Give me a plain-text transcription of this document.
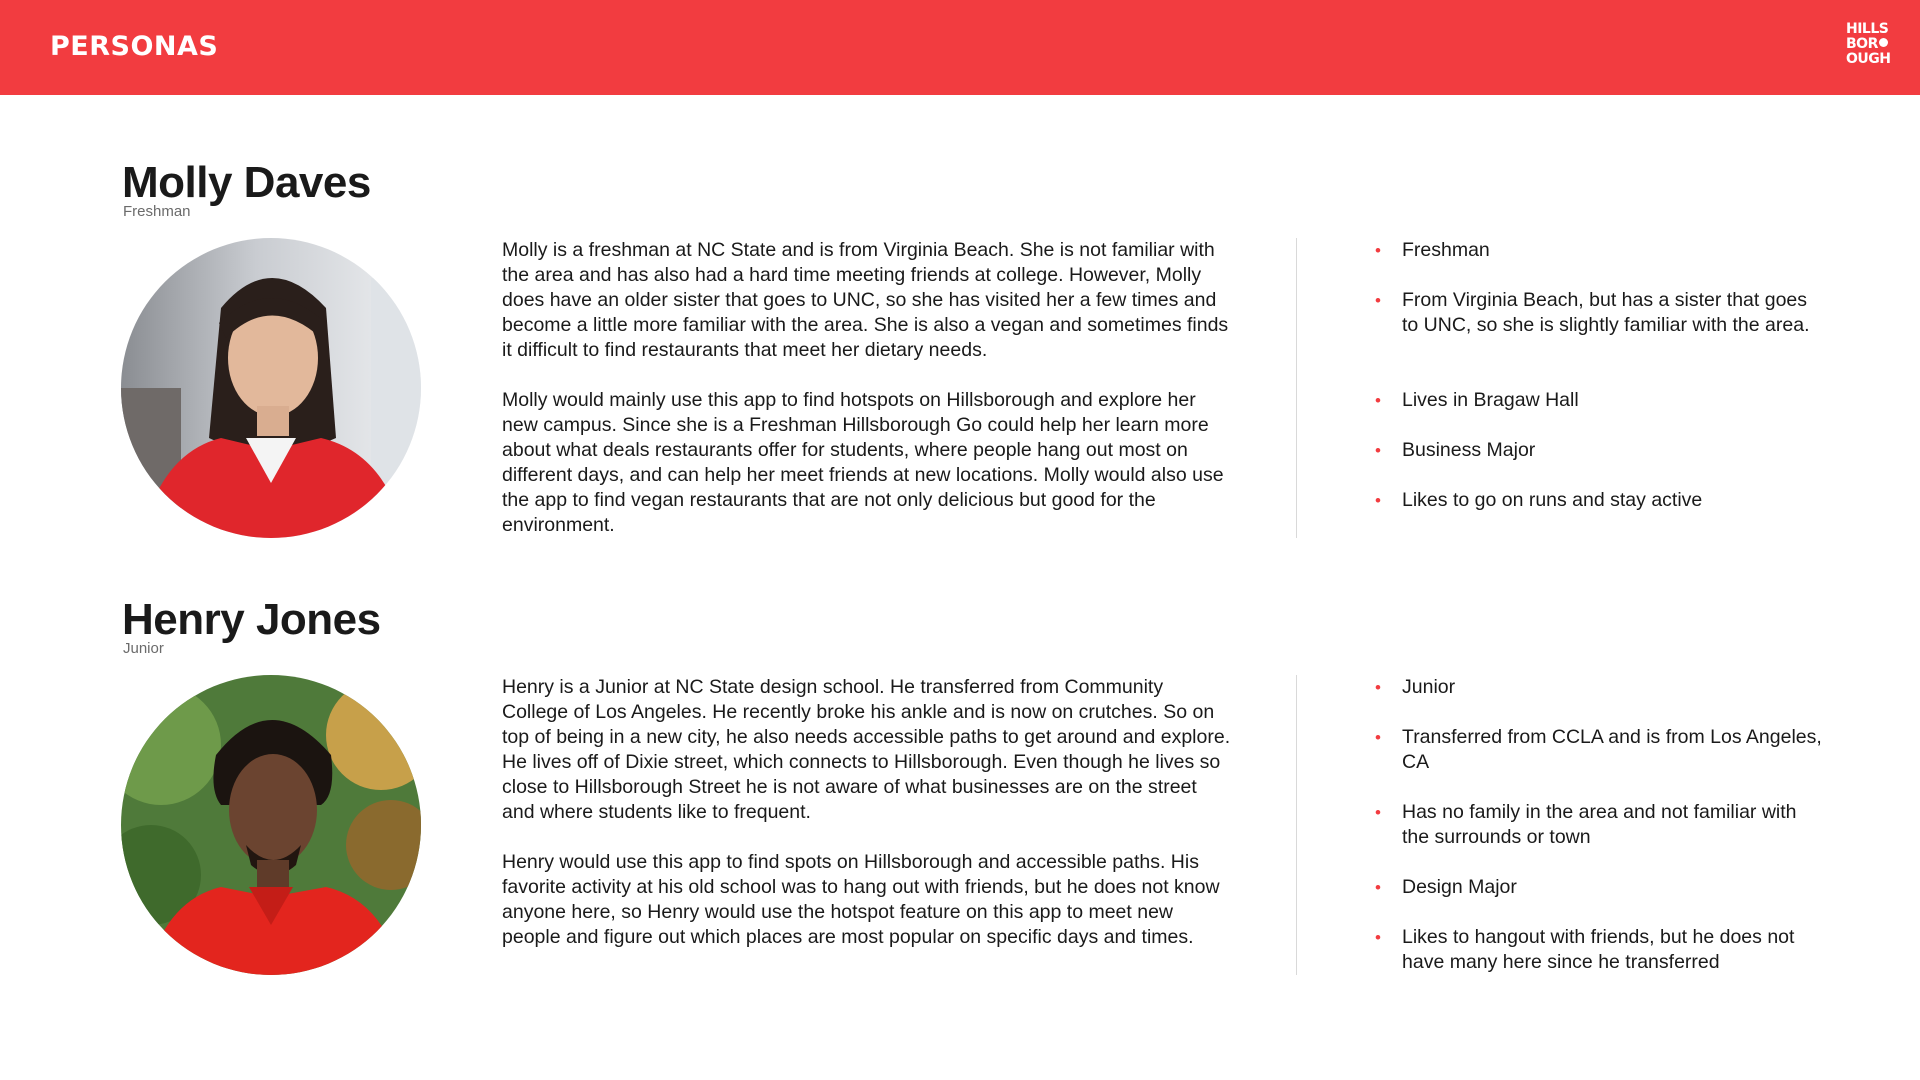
PERSONAS
HILLS
BOR
OUGH
Molly Daves
Freshman

Molly is a freshman at NC State and is from Virginia Beach. She is not familiar with the area and has also had a hard time meeting friends at college. However, Molly does have an older sister that goes to UNC, so she has visited her a few times and become a little more familiar with the area. She is also a vegan and sometimes finds it difficult to find restaurants that meet her dietary needs.

Molly would mainly use this app to find hotspots on Hillsborough and explore her new campus. Since she is a Freshman Hillsborough Go could help her learn more about what deals restaurants offer for students, where people hang out most on different days, and can help her meet friends at new locations. Molly would also use the app to find vegan restaurants that are not only delicious but good for the environment.

• Freshman
• From Virginia Beach, but has a sister that goes to UNC, so she is slightly familiar with the area.
• Lives in Bragaw Hall
• Business Major
• Likes to go on runs and stay active
Henry Jones
Junior

Henry is a Junior at NC State design school. He transferred from Community College of Los Angeles. He recently broke his ankle and is now on crutches. So on top of being in a new city, he also needs accessible paths to get around and explore. He lives off of Dixie street, which connects to Hillsborough. Even though he lives so close to Hillsborough Street he is not aware of what businesses are on the street and where students like to frequent.

Henry would use this app to find spots on Hillsborough and accessible paths. His favorite activity at his old school was to hang out with friends, but he does not know anyone here, so Henry would use the hotspot feature on this app to meet new people and figure out which places are most popular on specific days and times.

• Junior
• Transferred from CCLA and is from Los Angeles, CA
• Has no family in the area and not familiar with the surrounds or town
• Design Major
• Likes to hangout with friends, but he does not have many here since he transferred
